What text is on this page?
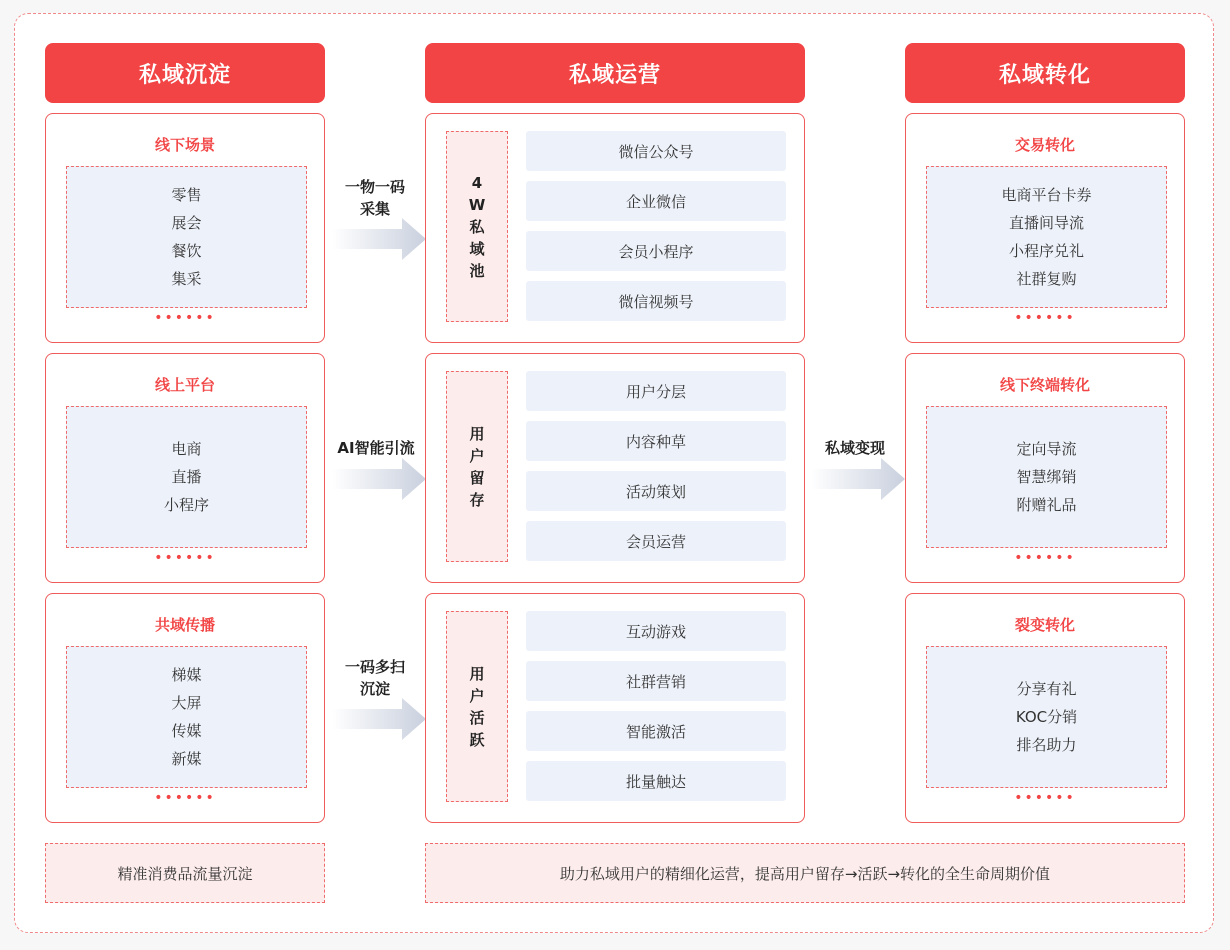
私域沉淀	私域运营	私域转化
线下场景
零售
展会
餐饮
集采
••••••
线上平台
电商
直播
小程序
••••••
共域传播
梯媒
大屏
传媒
新媒
••••••
一物一码
采集
AI智能引流
一码多扫
沉淀
4
W
私
域
池
微信公众号
企业微信
会员小程序
微信视频号
用
户
留
存
用户分层
内容种草
活动策划
会员运营
用
户
活
跃
互动游戏
社群营销
智能激活
批量触达
私域变现
交易转化
电商平台卡券
直播间导流
小程序兑礼
社群复购
••••••
线下终端转化
定向导流
智慧绑销
附赠礼品
••••••
裂变转化
分享有礼
KOC分销
排名助力
••••••
精准消费品流量沉淀	助力私域用户的精细化运营，提高用户留存→活跃→转化的全生命周期价值
